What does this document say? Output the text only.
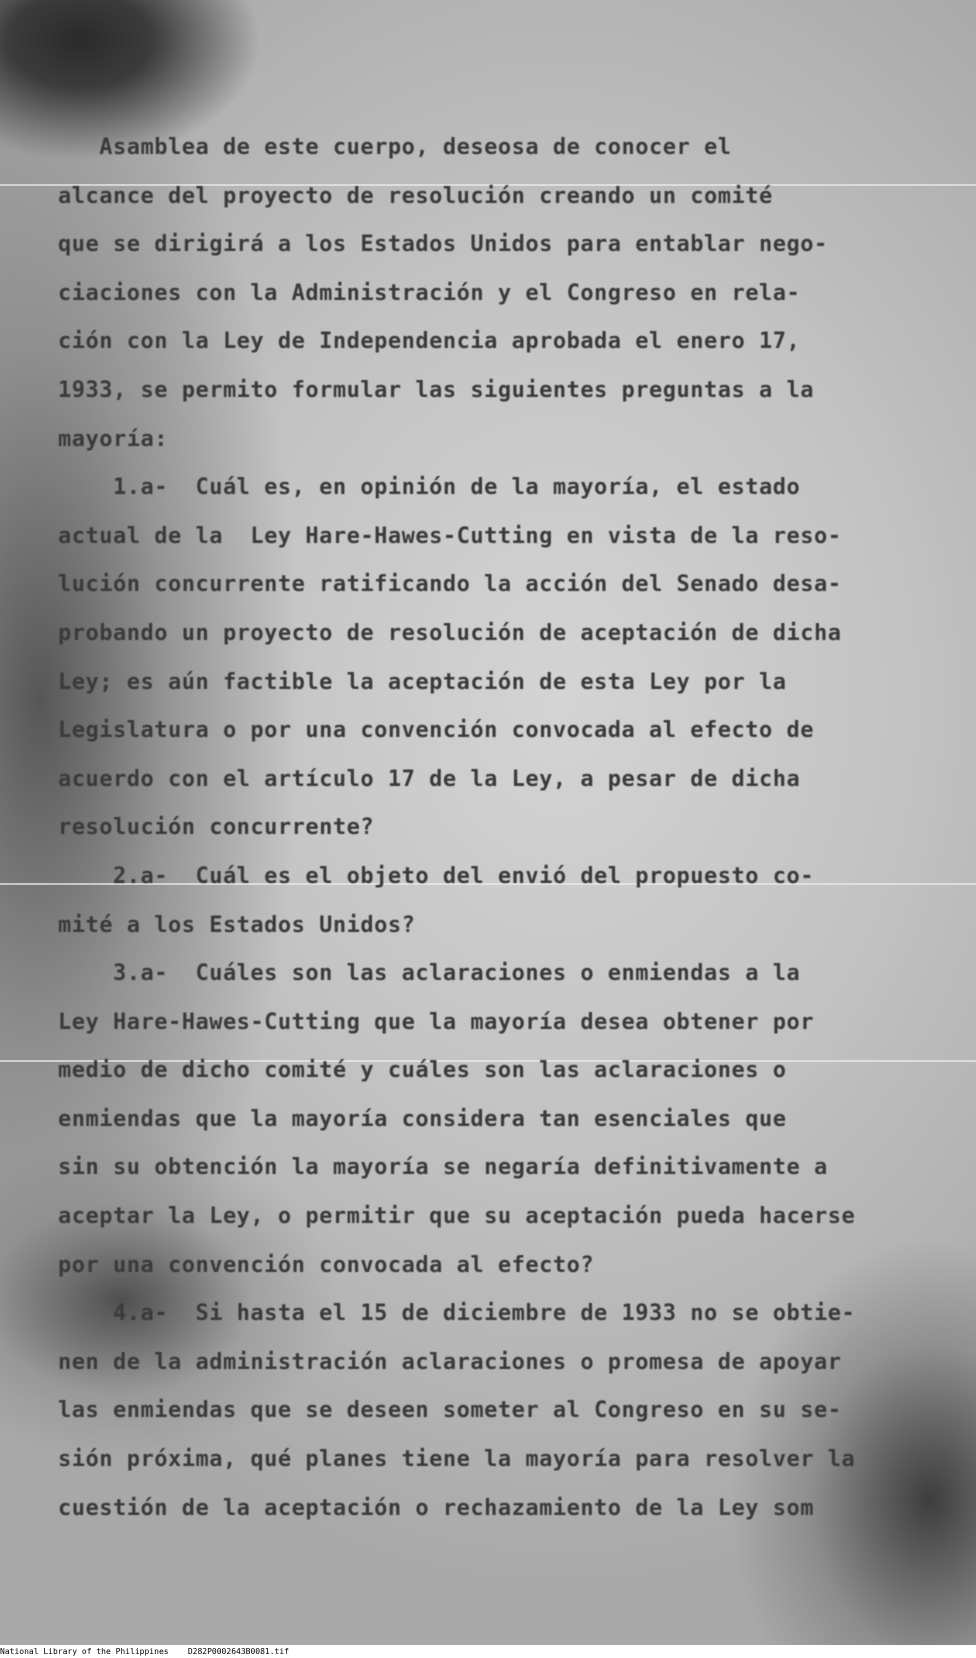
Asamblea de este cuerpo, deseosa de conocer el
alcance del proyecto de resolución creando un comité
que se dirigirá a los Estados Unidos para entablar nego-
ciaciones con la Administración y el Congreso en rela-
ción con la Ley de Independencia aprobada el enero 17,
1933, se permito formular las siguientes preguntas a la
mayoría:
1.a-  Cuál es, en opinión de la mayoría, el estado
actual de la  Ley Hare-Hawes-Cutting en vista de la reso-
lución concurrente ratificando la acción del Senado desa-
probando un proyecto de resolución de aceptación de dicha
Ley; es aún factible la aceptación de esta Ley por la
Legislatura o por una convención convocada al efecto de
acuerdo con el artículo 17 de la Ley, a pesar de dicha
resolución concurrente?
2.a-  Cuál es el objeto del envió del propuesto co-
mité a los Estados Unidos?
3.a-  Cuáles son las aclaraciones o enmiendas a la
Ley Hare-Hawes-Cutting que la mayoría desea obtener por
medio de dicho comité y cuáles son las aclaraciones o
enmiendas que la mayoría considera tan esenciales que
sin su obtención la mayoría se negaría definitivamente a
aceptar la Ley, o permitir que su aceptación pueda hacerse
por una convención convocada al efecto?
4.a-  Si hasta el 15 de diciembre de 1933 no se obtie-
nen de la administración aclaraciones o promesa de apoyar
las enmiendas que se deseen someter al Congreso en su se-
sión próxima, qué planes tiene la mayoría para resolver la
cuestión de la aceptación o rechazamiento de la Ley som
National Library of the Philippines D282P0002643B0081.tif
